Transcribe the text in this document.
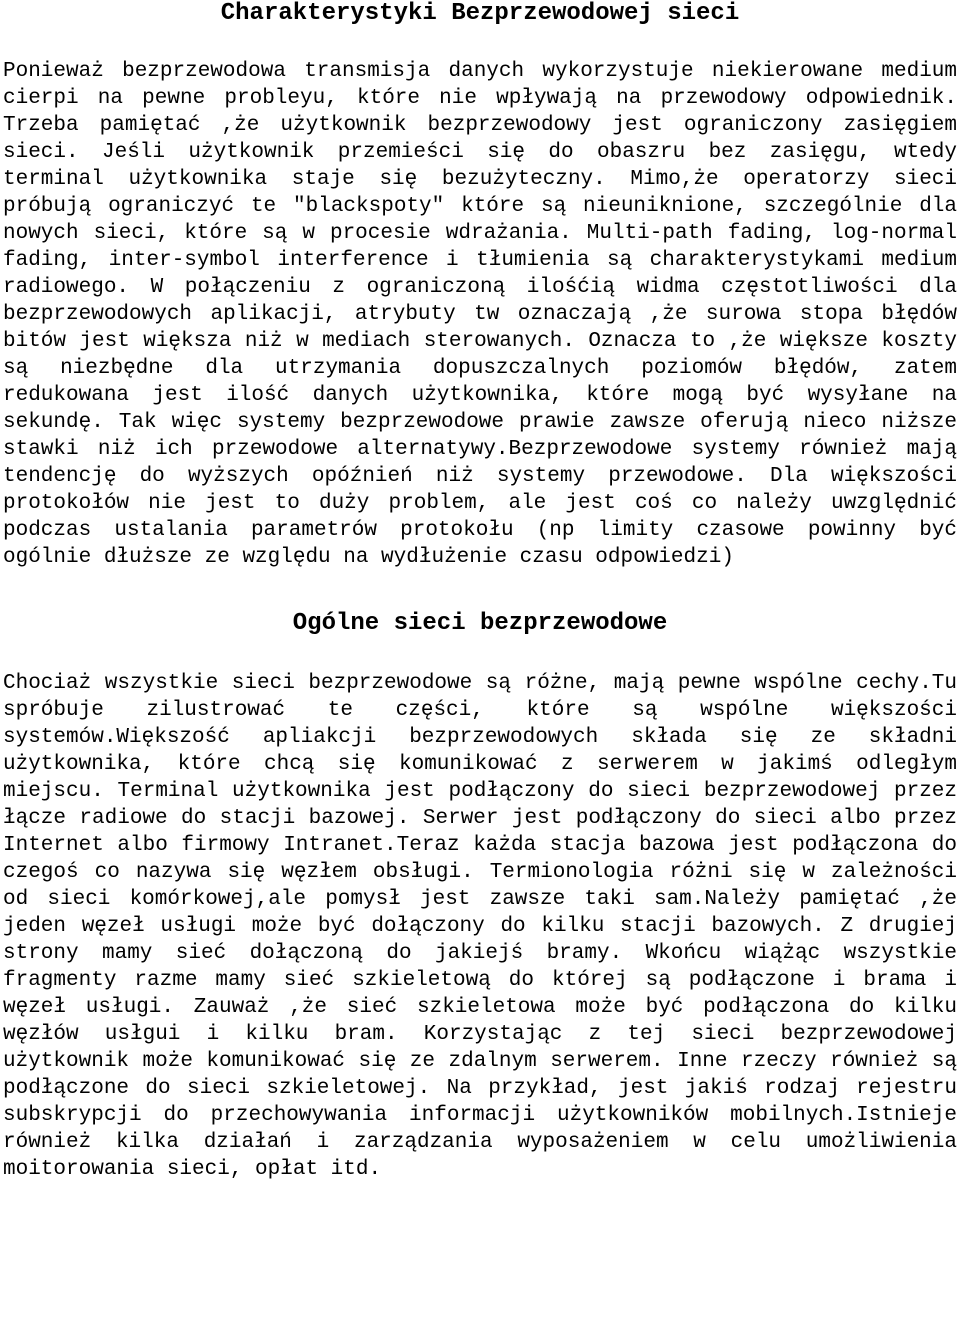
Charakterystyki Bezprzewodowej sieci

Ponieważ bezprzewodowa transmisja danych wykorzystuje niekierowane medium cierpi na pewne probleyu, które nie wpływają na przewodowy odpowiednik. Trzeba pamiętać ,że użytkownik bezprzewodowy jest ograniczony zasięgiem sieci. Jeśli użytkownik przemieści się do obaszru bez zasięgu, wtedy terminal użytkownika staje się bezużyteczny. Mimo,że operatorzy sieci próbują ograniczyć te "blackspoty" które są nieuniknione, szczególnie dla nowych sieci, które są w procesie wdrażania. Multi-path fading, log-normal fading, inter-symbol interference i tłumienia są charakterystykami medium radiowego. W połączeniu z ograniczoną ilośćią widma częstotliwości dla bezprzewodowych aplikacji, atrybuty tw oznaczają ,że surowa stopa błędów bitów jest większa niż w mediach sterowanych. Oznacza to ,że większe koszty są niezbędne dla utrzymania dopuszczalnych poziomów błędów, zatem redukowana jest ilość danych użytkownika, które mogą być wysyłane na sekundę. Tak więc systemy bezprzewodowe prawie zawsze oferują nieco niższe stawki niż ich przewodowe alternatywy.Bezprzewodowe systemy również mają tendencję do wyższych opóźnień niż systemy przewodowe. Dla większości protokołów nie jest to duży problem, ale jest coś co należy uwzględnić podczas ustalania parametrów protokołu (np limity czasowe powinny być ogólnie dłuższe ze względu na wydłużenie czasu odpowiedzi)

Ogólne sieci bezprzewodowe

Chociaż wszystkie sieci bezprzewodowe są różne, mają pewne wspólne cechy.Tu spróbuje zilustrować te części, które są wspólne większości systemów.Większość apliakcji bezprzewodowych składa się ze składni użytkownika, które chcą się komunikować z serwerem w jakimś odległym miejscu. Terminal użytkownika jest podłączony do sieci bezprzewodowej przez łącze radiowe do stacji bazowej. Serwer jest podłączony do sieci albo przez Internet albo firmowy Intranet.Teraz każda stacja bazowa jest podłączona do czegoś co nazywa się węzłem obsługi. Termionologia różni się w zależności od sieci komórkowej,ale pomysł jest zawsze taki sam.Należy pamiętać ,że jeden węzeł usługi może być dołączony do kilku stacji bazowych. Z drugiej strony mamy sieć dołączoną do jakiejś bramy. Wkońcu wiążąc wszystkie fragmenty razme mamy sieć szkieletową do której są podłączone i brama i węzeł usługi. Zauważ ,że sieć szkieletowa może być podłączona do kilku węzłów usłgui i kilku bram. Korzystając z tej sieci bezprzewodowej użytkownik może komunikować się ze zdalnym serwerem. Inne rzeczy również są podłączone do sieci szkieletowej. Na przykład, jest jakiś rodzaj rejestru subskrypcji do przechowywania informacji użytkowników mobilnych.Istnieje również kilka działań i zarządzania wyposażeniem w celu umożliwienia moitorowania sieci, opłat itd.
